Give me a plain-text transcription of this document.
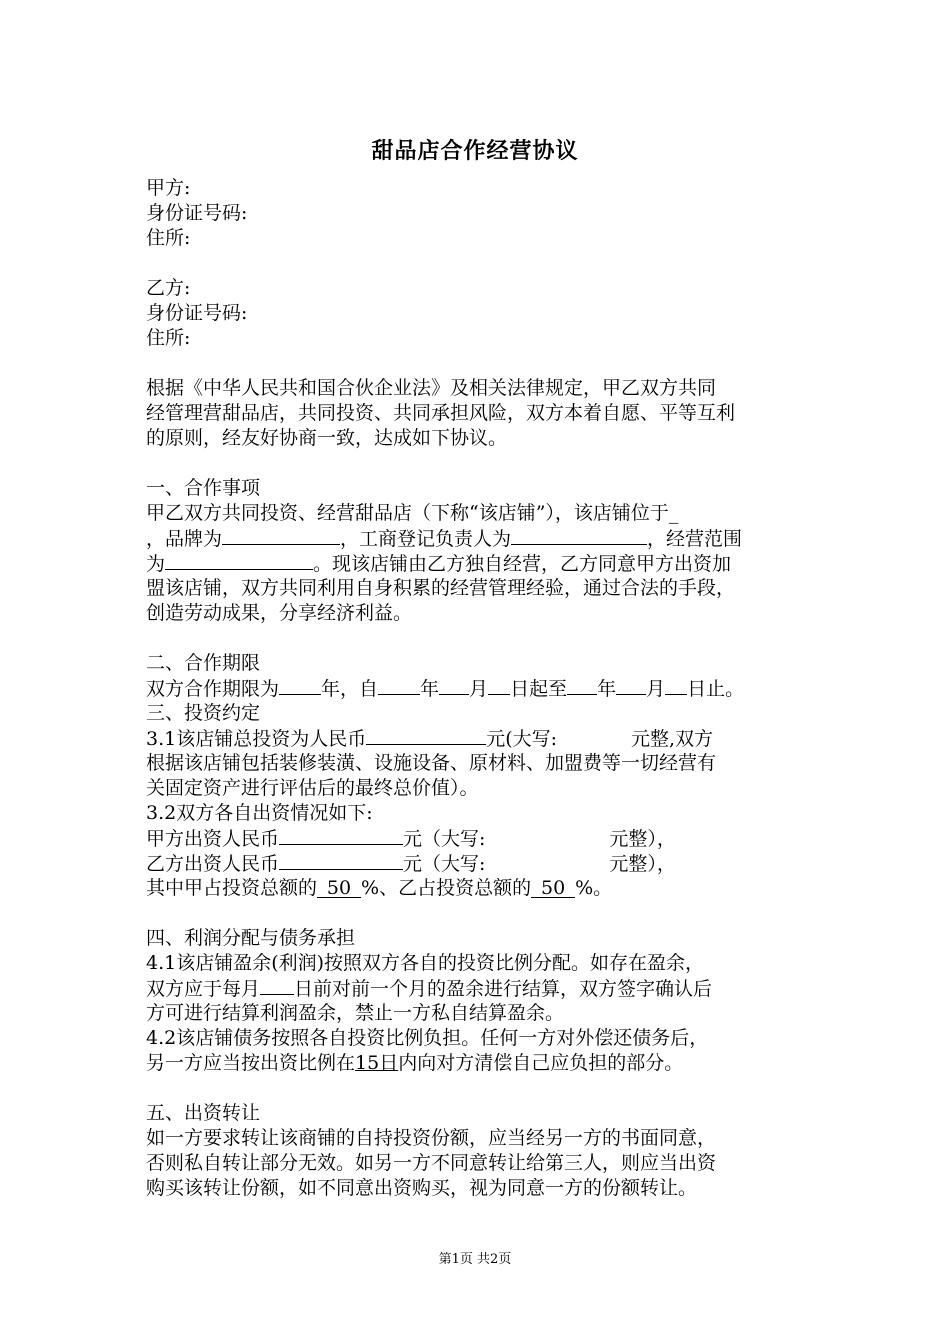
甜品店合作经营协议
甲方:
身份证号码:
住所:
乙方:
身份证号码:
住所:
根据《中华人民共和国合伙企业法》及相关法律规定，甲乙双方共同
经管理营甜品店，共同投资、共同承担风险，双方本着自愿、平等互利
的原则，经友好协商一致，达成如下协议。
一、合作事项
甲乙双方共同投资、经营甜品店（下称“该店铺”），该店铺位于_
，品牌为	，工商登记负责人为	，经营范围
为	。现该店铺由乙方独自经营，乙方同意甲方出资加
盟该店铺，双方共同利用自身积累的经营管理经验，通过合法的手段，
创造劳动成果，分享经济利益。
二、合作期限
双方合作期限为 年，自 年 月 日起至 年 月 日止。
三、投资约定
3.1该店铺总投资为人民币	元(大写:	元整,双方
根据该店铺包括装修装潢、设施设备、原材料、加盟费等一切经营有
关固定资产进行评估后的最终总价值）。
3.2双方各自出资情况如下:
甲方出资人民币	元（大写:	元整），
乙方出资人民币	元（大写:	元整），
其中甲占投资总额的 50 %、乙占投资总额的 50 %。
四、利润分配与债务承担
4.1该店铺盈余(利润)按照双方各自的投资比例分配。如存在盈余，
双方应于每月 日前对前一个月的盈余进行结算，双方签字确认后
方可进行结算利润盈余，禁止一方私自结算盈余。
4.2该店铺债务按照各自投资比例负担。任何一方对外偿还债务后，
另一方应当按出资比例在15日内向对方清偿自己应负担的部分。
五、出资转让
如一方要求转让该商铺的自持投资份额，应当经另一方的书面同意，
否则私自转让部分无效。如另一方不同意转让给第三人，则应当出资
购买该转让份额，如不同意出资购买，视为同意一方的份额转让。
第1页 共2页
